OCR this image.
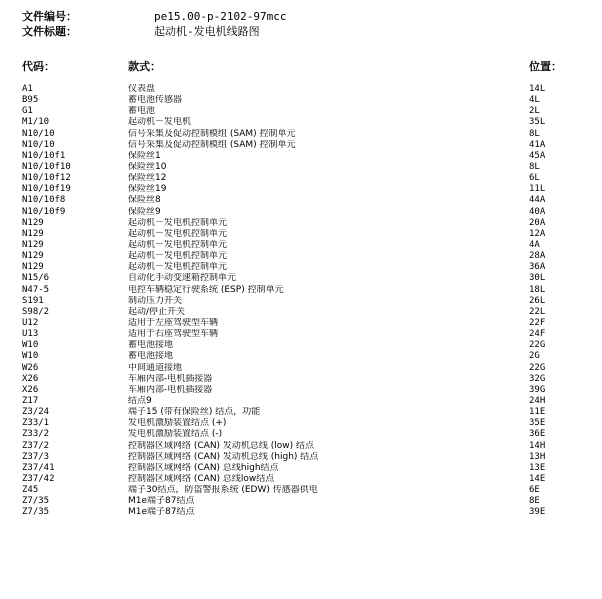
文件编号：	pe15.00-p-2102-97mcc
文件标题：	起动机-发电机线路图
代码：	款式：	位置：
A1	仪表盘	14L
B95	蓄电池传感器	4L
G1	蓄电池	2L
M1/10	起动机－发电机	35L
N10/10	信号采集及促动控制模组 (SAM) 控制单元	8L
N10/10	信号采集及促动控制模组 (SAM) 控制单元	41A
N10/10f1	保险丝1	45A
N10/10f10	保险丝10	8L
N10/10f12	保险丝12	6L
N10/10f19	保险丝19	11L
N10/10f8	保险丝8	44A
N10/10f9	保险丝9	40A
N129	起动机－发电机控制单元	20A
N129	起动机－发电机控制单元	12A
N129	起动机－发电机控制单元	4A
N129	起动机－发电机控制单元	28A
N129	起动机－发电机控制单元	36A
N15/6	自动化手动变速箱控制单元	30L
N47-5	电控车辆稳定行驶系统 (ESP) 控制单元	18L
S191	制动压力开关	26L
S98/2	起动/停止开关	22L
U12	适用于左座驾驶型车辆	22F
U13	适用于右座驾驶型车辆	24F
W10	蓄电池接地	22G
W10	蓄电池接地	2G
W26	中间通道接地	22G
X26	车厢内部-电机插接器	32G
X26	车厢内部-电机插接器	39G
Z17	结点9	24H
Z3/24	端子15 (带有保险丝) 结点，功能	11E
Z33/1	发电机激励装置结点 (+)	35E
Z33/2	发电机激励装置结点 (-)	36E
Z37/2	控制器区域网络 (CAN) 发动机总线 (low) 结点	14H
Z37/3	控制器区域网络 (CAN) 发动机总线 (high) 结点	13H
Z37/41	控制器区域网络 (CAN) 总线high结点	13E
Z37/42	控制器区域网络 (CAN) 总线low结点	14E
Z45	端子30结点，防盗警报系统 (EDW) 传感器供电	6E
Z7/35	M1e端子87结点	8E
Z7/35	M1e端子87结点	39E
